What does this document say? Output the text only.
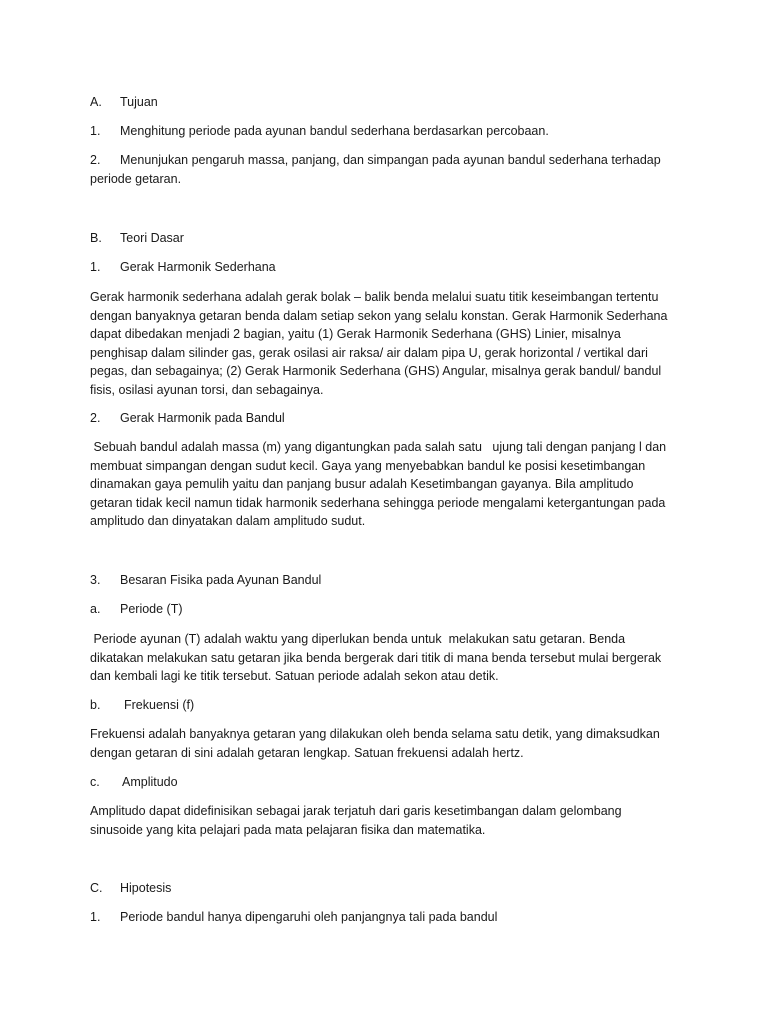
A. Tujuan
1. Menghitung periode pada ayunan bandul sederhana berdasarkan percobaan.
2. Menunjukan pengaruh massa, panjang, dan simpangan pada ayunan bandul sederhana terhadap
periode getaran.
B. Teori Dasar
1. Gerak Harmonik Sederhana
Gerak harmonik sederhana adalah gerak bolak – balik benda melalui suatu titik keseimbangan tertentu
dengan banyaknya getaran benda dalam setiap sekon yang selalu konstan. Gerak Harmonik Sederhana
dapat dibedakan menjadi 2 bagian, yaitu (1) Gerak Harmonik Sederhana (GHS) Linier, misalnya
penghisap dalam silinder gas, gerak osilasi air raksa/ air dalam pipa U, gerak horizontal / vertikal dari
pegas, dan sebagainya; (2) Gerak Harmonik Sederhana (GHS) Angular, misalnya gerak bandul/ bandul
fisis, osilasi ayunan torsi, dan sebagainya.
2. Gerak Harmonik pada Bandul
Sebuah bandul adalah massa (m) yang digantungkan pada salah satu   ujung tali dengan panjang l dan
membuat simpangan dengan sudut kecil. Gaya yang menyebabkan bandul ke posisi kesetimbangan
dinamakan gaya pemulih yaitu dan panjang busur adalah Kesetimbangan gayanya. Bila amplitudo
getaran tidak kecil namun tidak harmonik sederhana sehingga periode mengalami ketergantungan pada
amplitudo dan dinyatakan dalam amplitudo sudut.
3. Besaran Fisika pada Ayunan Bandul
a. Periode (T)
Periode ayunan (T) adalah waktu yang diperlukan benda untuk  melakukan satu getaran. Benda
dikatakan melakukan satu getaran jika benda bergerak dari titik di mana benda tersebut mulai bergerak
dan kembali lagi ke titik tersebut. Satuan periode adalah sekon atau detik.
b. Frekuensi (f)
Frekuensi adalah banyaknya getaran yang dilakukan oleh benda selama satu detik, yang dimaksudkan
dengan getaran di sini adalah getaran lengkap. Satuan frekuensi adalah hertz.
c. Amplitudo
Amplitudo dapat didefinisikan sebagai jarak terjatuh dari garis kesetimbangan dalam gelombang
sinusoide yang kita pelajari pada mata pelajaran fisika dan matematika.
C. Hipotesis
1. Periode bandul hanya dipengaruhi oleh panjangnya tali pada bandul
